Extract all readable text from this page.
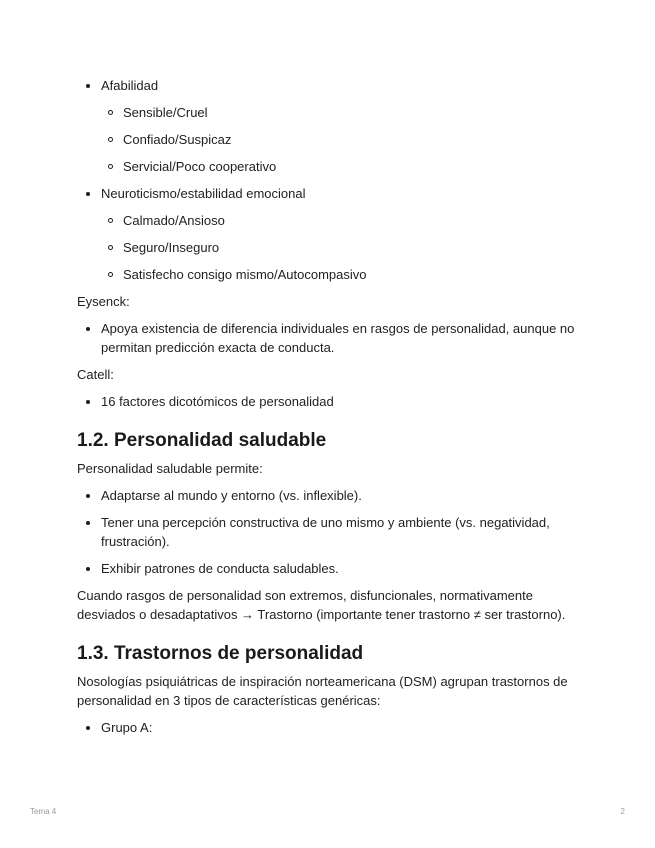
Afabilidad
Sensible/Cruel
Confiado/Suspicaz
Servicial/Poco cooperativo
Neuroticismo/estabilidad emocional
Calmado/Ansioso
Seguro/Inseguro
Satisfecho consigo mismo/Autocompasivo

Eysenck:

Apoya existencia de diferencia individuales en rasgos de personalidad, aunque no permitan predicción exacta de conducta.

Catell:

16 factores dicotómicos de personalidad
1.2. Personalidad saludable

Personalidad saludable permite:

Adaptarse al mundo y entorno (vs. inflexible).
Tener una percepción constructiva de uno mismo y ambiente (vs. negatividad, frustración).
Exhibir patrones de conducta saludables.

Cuando rasgos de personalidad son extremos, disfuncionales, normativamente desviados o desadaptativos → Trastorno (importante tener trastorno ≠ ser trastorno).

1.3. Trastornos de personalidad

Nosologías psiquiátricas de inspiración norteamericana (DSM) agrupan trastornos de personalidad en 3 tipos de características genéricas:

Grupo A:
Tema 4	2
